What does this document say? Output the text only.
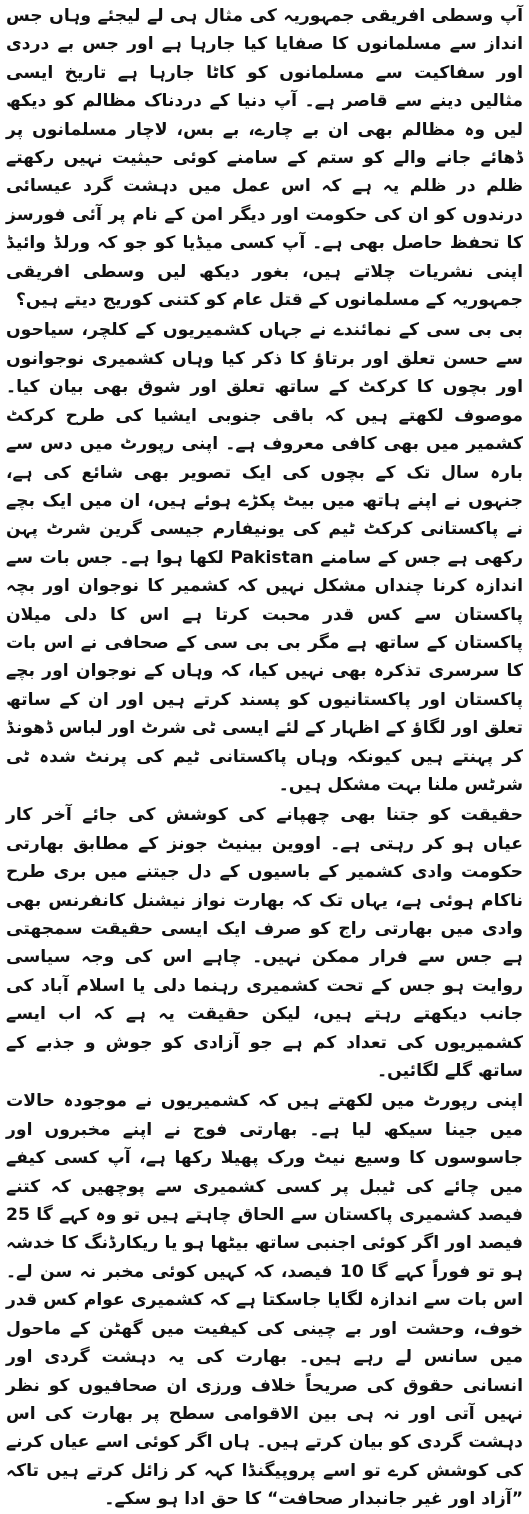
آپ وسطی افریقی جمہوریہ کی مثال ہی لے لیجئے وہاں جس انداز سے مسلمانوں کا صفایا کیا جارہا ہے اور جس بے دردی اور سفاکیت سے مسلمانوں کو کاٹا جارہا ہے تاریخ ایسی مثالیں دینے سے قاصر ہے۔ آپ دنیا کے دردناک مظالم کو دیکھ لیں وہ مظالم بھی ان بے چارے، بے بس، لاچار مسلمانوں پر ڈھائے جانے والے کو ستم کے سامنے کوئی حیثیت نہیں رکھتے ظلم در ظلم یہ ہے کہ اس عمل میں دہشت گرد عیسائی درندوں کو ان کی حکومت اور دیگر امن کے نام پر آئی فورسز کا تحفظ حاصل بھی ہے۔ آپ کسی میڈیا کو جو کہ ورلڈ وائیڈ اپنی نشریات چلاتے ہیں، بغور دیکھ لیں وسطی افریقی جمہوریہ کے مسلمانوں کے قتل عام کو کتنی کوریج دیتے ہیں؟

بی بی سی کے نمائندے نے جہاں کشمیریوں کے کلچر، سیاحوں سے حسن تعلق اور برتاؤ کا ذکر کیا وہاں کشمیری نوجوانوں اور بچوں کا کرکٹ کے ساتھ تعلق اور شوق بھی بیان کیا۔ موصوف لکھتے ہیں کہ باقی جنوبی ایشیا کی طرح کرکٹ کشمیر میں بھی کافی معروف ہے۔ اپنی رپورٹ میں دس سے بارہ سال تک کے بچوں کی ایک تصویر بھی شائع کی ہے، جنہوں نے اپنے ہاتھ میں بیٹ پکڑے ہوئے ہیں، ان میں ایک بچے نے پاکستانی کرکٹ ٹیم کی یونیفارم جیسی گرین شرٹ پہن رکھی ہے جس کے سامنے Pakistan لکھا ہوا ہے۔ جس بات سے اندازہ کرنا چنداں مشکل نہیں کہ کشمیر کا نوجوان اور بچہ پاکستان سے کس قدر محبت کرتا ہے اس کا دلی میلان پاکستان کے ساتھ ہے مگر بی بی سی کے صحافی نے اس بات کا سرسری تذکرہ بھی نہیں کیا، کہ وہاں کے نوجوان اور بچے پاکستان اور پاکستانیوں کو پسند کرتے ہیں اور ان کے ساتھ تعلق اور لگاؤ کے اظہار کے لئے ایسی ٹی شرٹ اور لباس ڈھونڈ کر پہنتے ہیں کیونکہ وہاں پاکستانی ٹیم کی پرنٹ شدہ ٹی شرٹس ملنا بہت مشکل ہیں۔

حقیقت کو جتنا بھی چھپانے کی کوشش کی جائے آخر کار عیاں ہو کر رہتی ہے۔ اووین بینیٹ جونز کے مطابق بھارتی حکومت وادی کشمیر کے باسیوں کے دل جیتنے میں بری طرح ناکام ہوئی ہے، یہاں تک کہ بھارت نواز نیشنل کانفرنس بھی وادی میں بھارتی راج کو صرف ایک ایسی حقیقت سمجھتی ہے جس سے فرار ممکن نہیں۔ چاہے اس کی وجہ سیاسی روایت ہو جس کے تحت کشمیری رہنما دلی یا اسلام آباد کی جانب دیکھتے رہتے ہیں، لیکن حقیقت یہ ہے کہ اب ایسے کشمیریوں کی تعداد کم ہے جو آزادی کو جوش و جذبے کے ساتھ گلے لگائیں۔

اپنی رپورٹ میں لکھتے ہیں کہ کشمیریوں نے موجودہ حالات میں جینا سیکھ لیا ہے۔ بھارتی فوج نے اپنے مخبروں اور جاسوسوں کا وسیع نیٹ ورک پھیلا رکھا ہے، آپ کسی کیفے میں چائے کی ٹیبل پر کسی کشمیری سے پوچھیں کہ کتنے فیصد کشمیری پاکستان سے الحاق چاہتے ہیں تو وہ کہے گا 25 فیصد اور اگر کوئی اجنبی ساتھ بیٹھا ہو یا ریکارڈنگ کا خدشہ ہو تو فوراً کہے گا 10 فیصد، کہ کہیں کوئی مخبر نہ سن لے۔ اس بات سے اندازہ لگایا جاسکتا ہے کہ کشمیری عوام کس قدر خوف، وحشت اور بے چینی کی کیفیت میں گھٹن کے ماحول میں سانس لے رہے ہیں۔ بھارت کی یہ دہشت گردی اور انسانی حقوق کی صریحاً خلاف ورزی ان صحافیوں کو نظر نہیں آتی اور نہ ہی بین الاقوامی سطح پر بھارت کی اس دہشت گردی کو بیان کرتے ہیں۔ ہاں اگر کوئی اسے عیاں کرنے کی کوشش کرے تو اسے پروپیگنڈا کہہ کر زائل کرتے ہیں تاکہ ”آزاد اور غیر جانبدار صحافت“ کا حق ادا ہو سکے۔
